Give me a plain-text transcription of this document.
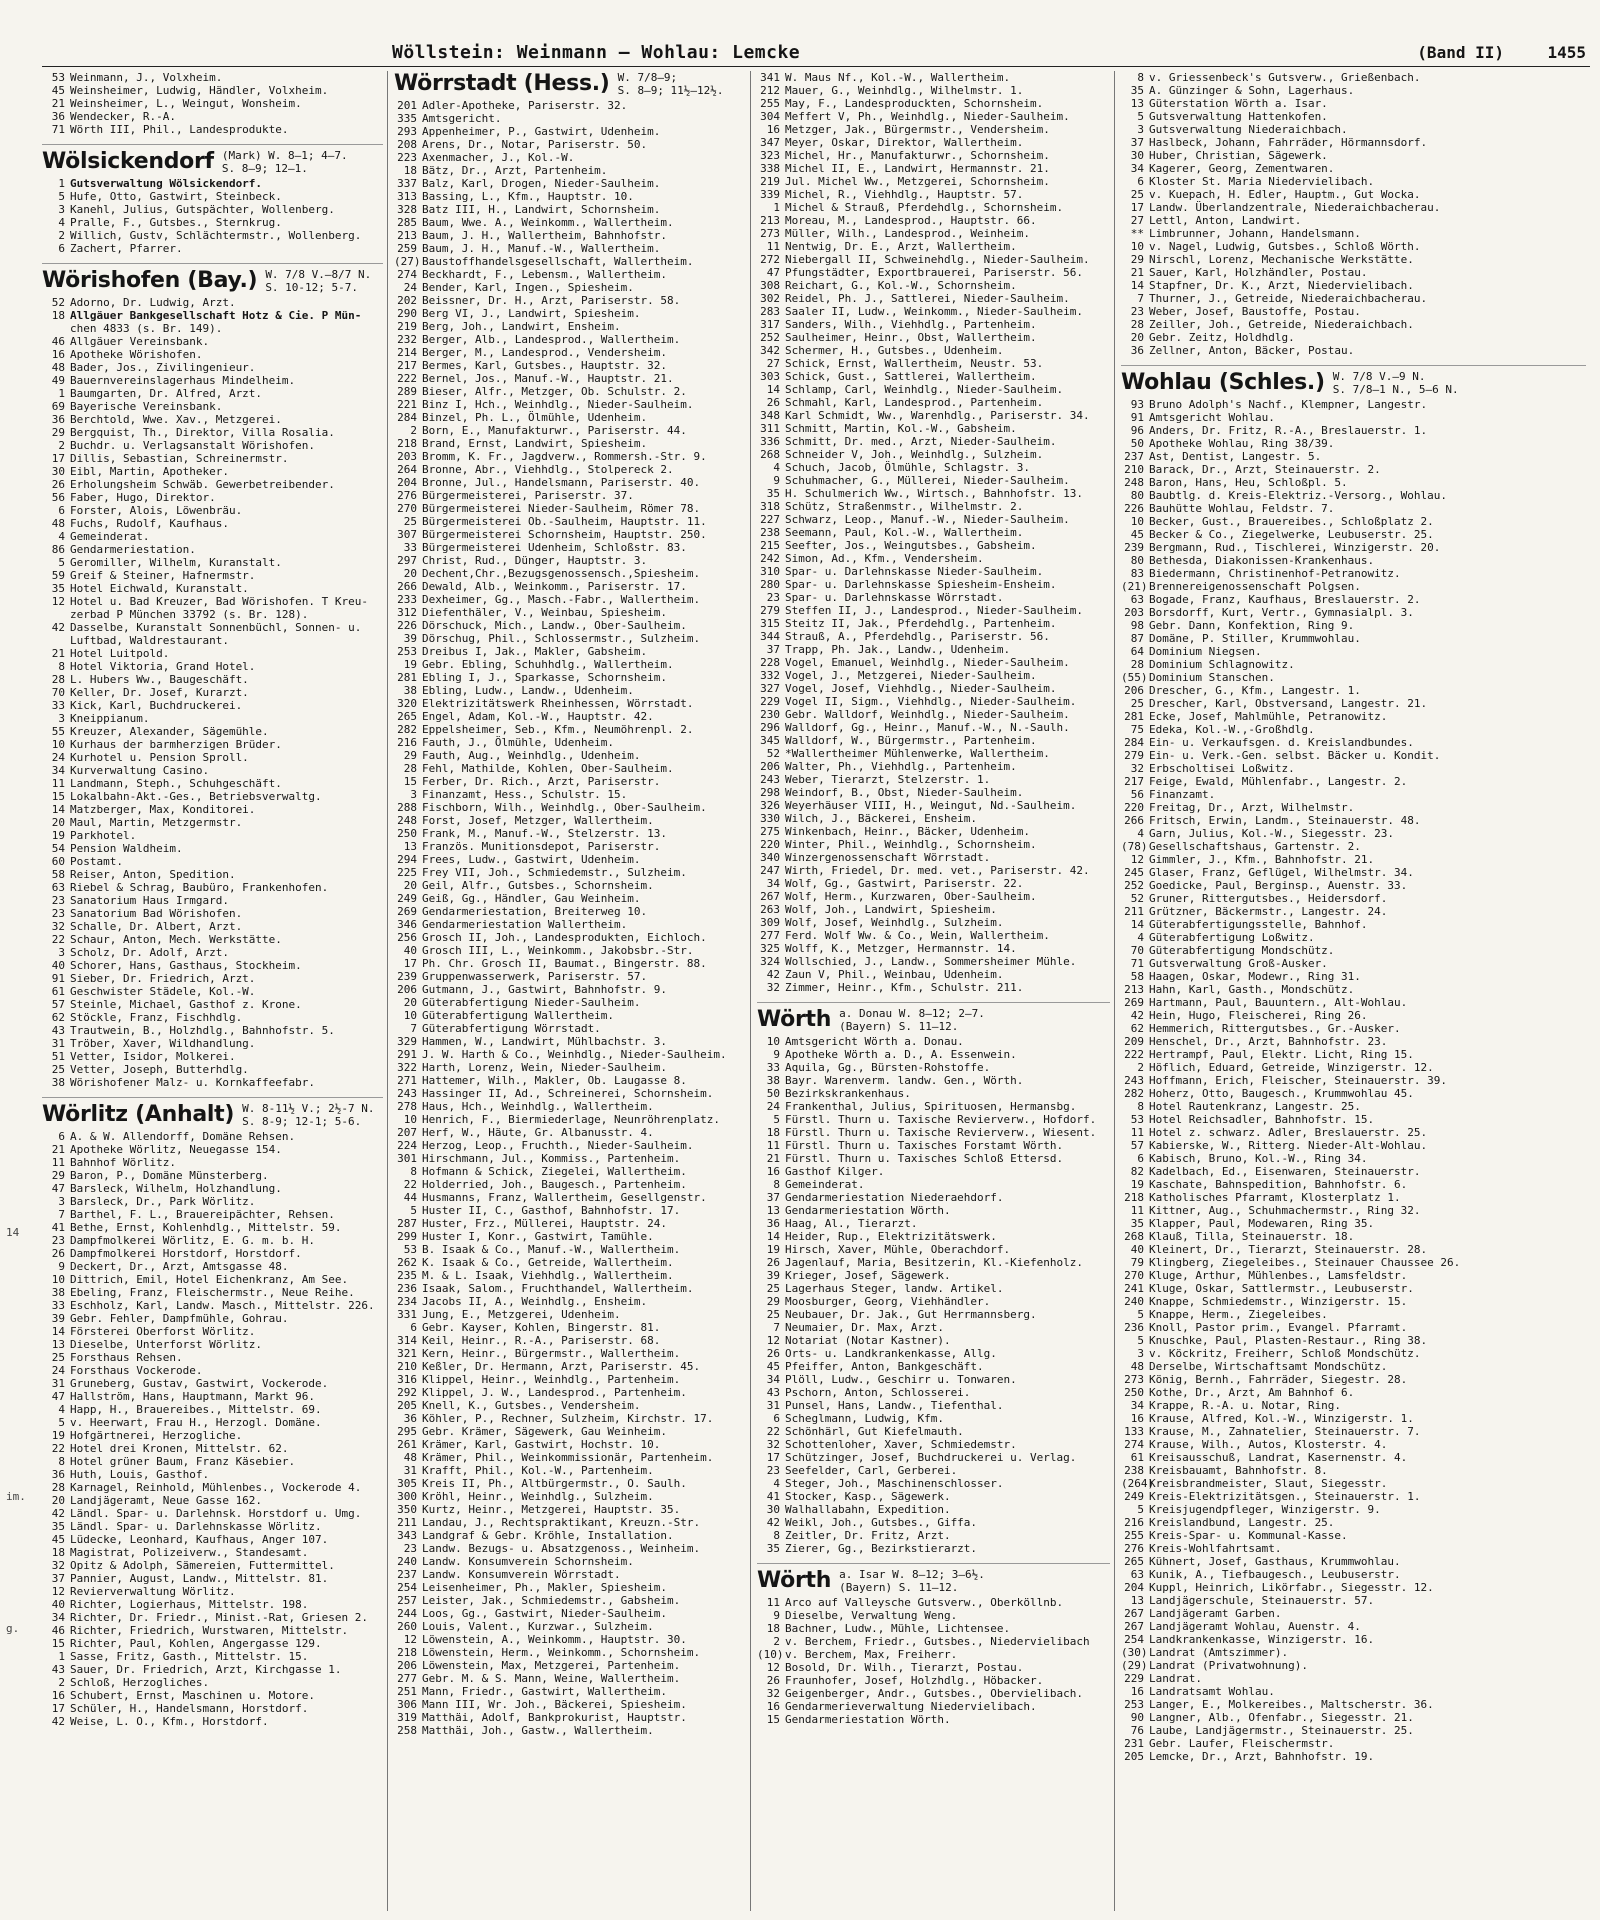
14
im.
g.
Wöllstein: Weinmann — Wohlau: Lemcke	(Band II)	1455
53 Weinmann, J., Volxheim.
45 Weinsheimer, Ludwig, Händler, Volxheim.
21 Weinsheimer, L., Weingut, Wonsheim.
36 Wendecker, R.-A.
71 Wörth III, Phil., Landesprodukte.
Wölsickendorf (Mark) W. 8—1; 4—7.
S. 8—9; 12—1.
1 Gutsverwaltung Wölsickendorf.
5 Hufe, Otto, Gastwirt, Steinbeck.
3 Kanehl, Julius, Gutspächter, Wollenberg.
4 Pralle, F., Gutsbes., Sternkrug.
2 Willich, Gustv, Schlächtermstr., Wollenberg.
6 Zachert, Pfarrer.
Wörishofen (Bay.) W. 7/8 V.—8/7 N.
S. 10-12; 5-7.
52 Adorno, Dr. Ludwig, Arzt.
18 Allgäuer Bankgesellschaft Hotz & Cie. P Mün-
chen 4833 (s. Br. 149).
46 Allgäuer Vereinsbank.
16 Apotheke Wörishofen.
48 Bader, Jos., Zivilingenieur.
49 Bauernvereinslagerhaus Mindelheim.
1 Baumgarten, Dr. Alfred, Arzt.
69 Bayerische Vereinsbank.
36 Berchtold, Wwe. Xav., Metzgerei.
29 Bergquist, Th., Direktor, Villa Rosalia.
2 Buchdr. u. Verlagsanstalt Wörishofen.
17 Dillis, Sebastian, Schreinermstr.
30 Eibl, Martin, Apotheker.
26 Erholungsheim Schwäb. Gewerbetreibender.
56 Faber, Hugo, Direktor.
6 Forster, Alois, Löwenbräu.
48 Fuchs, Rudolf, Kaufhaus.
4 Gemeinderat.
86 Gendarmeriestation.
5 Geromiller, Wilhelm, Kuranstalt.
59 Greif & Steiner, Hafnermstr.
35 Hotel Eichwald, Kuranstalt.
12 Hotel u. Bad Kreuzer, Bad Wörishofen. T Kreu-
zerbad P München 33792 (s. Br. 128).
42 Dasselbe, Kuranstalt Sonnenbüchl, Sonnen- u.
Luftbad, Waldrestaurant.
21 Hotel Luitpold.
8 Hotel Viktoria, Grand Hotel.
28 L. Hubers Ww., Baugeschäft.
70 Keller, Dr. Josef, Kurarzt.
33 Kick, Karl, Buchdruckerei.
3 Kneippianum.
55 Kreuzer, Alexander, Sägemühle.
10 Kurhaus der barmherzigen Brüder.
24 Kurhotel u. Pension Sproll.
34 Kurverwaltung Casino.
11 Landmann, Steph., Schuhgeschäft.
15 Lokalbahn-Akt.-Ges., Betriebsverwaltg.
14 Matzberger, Max, Konditorei.
20 Maul, Martin, Metzgermstr.
19 Parkhotel.
54 Pension Waldheim.
60 Postamt.
58 Reiser, Anton, Spedition.
63 Riebel & Schrag, Baubüro, Frankenhofen.
23 Sanatorium Haus Irmgard.
23 Sanatorium Bad Wörishofen.
32 Schalle, Dr. Albert, Arzt.
22 Schaur, Anton, Mech. Werkstätte.
3 Scholz, Dr. Adolf, Arzt.
40 Schorer, Hans, Gasthaus, Stockheim.
91 Sieber, Dr. Friedrich, Arzt.
61 Geschwister Städele, Kol.-W.
57 Steinle, Michael, Gasthof z. Krone.
62 Stöckle, Franz, Fischhdlg.
43 Trautwein, B., Holzhdlg., Bahnhofstr. 5.
31 Tröber, Xaver, Wildhandlung.
51 Vetter, Isidor, Molkerei.
25 Vetter, Joseph, Butterhdlg.
38 Wörishofener Malz- u. Kornkaffeefabr.
Wörlitz (Anhalt) W. 8-11½ V.; 2½-7 N.
S. 8-9; 12-1; 5-6.
6 A. & W. Allendorff, Domäne Rehsen.
21 Apotheke Wörlitz, Neuegasse 154.
11 Bahnhof Wörlitz.
29 Baron, P., Domäne Münsterberg.
47 Barsleck, Wilhelm, Holzhandlung.
3 Barsleck, Dr., Park Wörlitz.
7 Barthel, F. L., Brauereipächter, Rehsen.
41 Bethe, Ernst, Kohlenhdlg., Mittelstr. 59.
23 Dampfmolkerei Wörlitz, E. G. m. b. H.
26 Dampfmolkerei Horstdorf, Horstdorf.
9 Deckert, Dr., Arzt, Amtsgasse 48.
10 Dittrich, Emil, Hotel Eichenkranz, Am See.
38 Ebeling, Franz, Fleischermstr., Neue Reihe.
33 Eschholz, Karl, Landw. Masch., Mittelstr. 226.
39 Gebr. Fehler, Dampfmühle, Gohrau.
14 Försterei Oberforst Wörlitz.
13 Dieselbe, Unterforst Wörlitz.
25 Forsthaus Rehsen.
24 Forsthaus Vockerode.
31 Gruneberg, Gustav, Gastwirt, Vockerode.
47 Hallström, Hans, Hauptmann, Markt 96.
4 Happ, H., Brauereibes., Mittelstr. 69.
5 v. Heerwart, Frau H., Herzogl. Domäne.
19 Hofgärtnerei, Herzogliche.
22 Hotel drei Kronen, Mittelstr. 62.
8 Hotel grüner Baum, Franz Käsebier.
36 Huth, Louis, Gasthof.
28 Karnagel, Reinhold, Mühlenbes., Vockerode 4.
20 Landjägeramt, Neue Gasse 162.
42 Ländl. Spar- u. Darlehnsk. Horstdorf u. Umg.
35 Ländl. Spar- u. Darlehnskasse Wörlitz.
45 Lüdecke, Leonhard, Kaufhaus, Anger 107.
18 Magistrat, Polizeiverw., Standesamt.
32 Opitz & Adolph, Sämereien, Futtermittel.
37 Pannier, August, Landw., Mittelstr. 81.
12 Revierverwaltung Wörlitz.
40 Richter, Logierhaus, Mittelstr. 198.
34 Richter, Dr. Friedr., Minist.-Rat, Griesen 2.
46 Richter, Friedrich, Wurstwaren, Mittelstr.
15 Richter, Paul, Kohlen, Angergasse 129.
1 Sasse, Fritz, Gasth., Mittelstr. 15.
43 Sauer, Dr. Friedrich, Arzt, Kirchgasse 1.
2 Schloß, Herzogliches.
16 Schubert, Ernst, Maschinen u. Motore.
17 Schüler, H., Handelsmann, Horstdorf.
42 Weise, L. O., Kfm., Horstdorf.
Wörrstadt (Hess.) W. 7/8—9;
S. 8—9; 11½—12½.
201 Adler-Apotheke, Pariserstr. 32.
335 Amtsgericht.
293 Appenheimer, P., Gastwirt, Udenheim.
208 Arens, Dr., Notar, Pariserstr. 50.
223 Axenmacher, J., Kol.-W.
18 Bätz, Dr., Arzt, Partenheim.
337 Balz, Karl, Drogen, Nieder-Saulheim.
313 Bassing, L., Kfm., Hauptstr. 10.
328 Batz III, H., Landwirt, Schornsheim.
285 Baum, Wwe. A., Weinkomm., Wallertheim.
213 Baum, J. H., Wallertheim, Bahnhofstr.
259 Baum, J. H., Manuf.-W., Wallertheim.
(27) Baustoffhandelsgesellschaft, Wallertheim.
274 Beckhardt, F., Lebensm., Wallertheim.
24 Bender, Karl, Ingen., Spiesheim.
202 Beissner, Dr. H., Arzt, Pariserstr. 58.
290 Berg VI, J., Landwirt, Spiesheim.
219 Berg, Joh., Landwirt, Ensheim.
232 Berger, Alb., Landesprod., Wallertheim.
214 Berger, M., Landesprod., Vendersheim.
217 Bermes, Karl, Gutsbes., Hauptstr. 32.
222 Bernel, Jos., Manuf.-W., Hauptstr. 21.
289 Bieser, Alfr., Metzger, Ob. Schulstr. 2.
221 Binz I, Hch., Weinhdlg., Nieder-Saulheim.
284 Binzel, Ph. L., Ölmühle, Udenheim.
2 Born, E., Manufakturwr., Pariserstr. 44.
218 Brand, Ernst, Landwirt, Spiesheim.
203 Bromm, K. Fr., Jagdverw., Rommersh.-Str. 9.
264 Bronne, Abr., Viehhdlg., Stolpereck 2.
204 Bronne, Jul., Handelsmann, Pariserstr. 40.
276 Bürgermeisterei, Pariserstr. 37.
270 Bürgermeisterei Nieder-Saulheim, Römer 78.
25 Bürgermeisterei Ob.-Saulheim, Hauptstr. 11.
307 Bürgermeisterei Schornsheim, Hauptstr. 250.
33 Bürgermeisterei Udenheim, Schloßstr. 83.
297 Christ, Rud., Dünger, Hauptstr. 3.
20 Dechent,Chr.,Bezugsgenossensch.,Spiesheim.
266 Dewald, Alb., Weinkomm., Pariserstr. 17.
233 Dexheimer, Gg., Masch.-Fabr., Wallertheim.
312 Diefenthäler, V., Weinbau, Spiesheim.
226 Dörschuck, Mich., Landw., Ober-Saulheim.
39 Dörschug, Phil., Schlossermstr., Sulzheim.
253 Dreibus I, Jak., Makler, Gabsheim.
19 Gebr. Ebling, Schuhhdlg., Wallertheim.
281 Ebling I, J., Sparkasse, Schornsheim.
38 Ebling, Ludw., Landw., Udenheim.
320 Elektrizitätswerk Rheinhessen, Wörrstadt.
265 Engel, Adam, Kol.-W., Hauptstr. 42.
282 Eppelsheimer, Seb., Kfm., Neumöhrenpl. 2.
216 Fauth, J., Ölmühle, Udenheim.
29 Fauth, Aug., Weinhdlg., Udenheim.
28 Fehl, Mathilde, Kohlen, Ober-Saulheim.
15 Ferber, Dr. Rich., Arzt, Pariserstr.
3 Finanzamt, Hess., Schulstr. 15.
288 Fischborn, Wilh., Weinhdlg., Ober-Saulheim.
248 Forst, Josef, Metzger, Wallertheim.
250 Frank, M., Manuf.-W., Stelzerstr. 13.
13 Französ. Munitionsdepot, Pariserstr.
294 Frees, Ludw., Gastwirt, Udenheim.
225 Frey VII, Joh., Schmiedemstr., Sulzheim.
20 Geil, Alfr., Gutsbes., Schornsheim.
249 Geiß, Gg., Händler, Gau Weinheim.
269 Gendarmeriestation, Breiterweg 10.
346 Gendarmeriestation Wallertheim.
256 Grosch II, Joh., Landesprodukten, Eichloch.
40 Grosch III, L., Weinkomm., Jakobsbr.-Str.
17 Ph. Chr. Grosch II, Baumat., Bingerstr. 88.
239 Gruppenwasserwerk, Pariserstr. 57.
206 Gutmann, J., Gastwirt, Bahnhofstr. 9.
20 Güterabfertigung Nieder-Saulheim.
10 Güterabfertigung Wallertheim.
7 Güterabfertigung Wörrstadt.
329 Hammen, W., Landwirt, Mühlbachstr. 3.
291 J. W. Harth & Co., Weinhdlg., Nieder-Saulheim.
322 Harth, Lorenz, Wein, Nieder-Saulheim.
271 Hattemer, Wilh., Makler, Ob. Laugasse 8.
243 Hassinger II, Ad., Schreinerei, Schornsheim.
278 Haus, Hch., Weinhdlg., Wallertheim.
10 Henrich, F., Biermiederlage, Neunröhrenplatz.
207 Herf, W., Häute, Gr. Albanusstr. 4.
224 Herzog, Leop., Fruchth., Nieder-Saulheim.
301 Hirschmann, Jul., Kommiss., Partenheim.
8 Hofmann & Schick, Ziegelei, Wallertheim.
22 Holderried, Joh., Baugesch., Partenheim.
44 Husmanns, Franz, Wallertheim, Gesellgenstr.
5 Huster II, C., Gasthof, Bahnhofstr. 17.
287 Huster, Frz., Müllerei, Hauptstr. 24.
299 Huster I, Konr., Gastwirt, Tamühle.
53 B. Isaak & Co., Manuf.-W., Wallertheim.
262 K. Isaak & Co., Getreide, Wallertheim.
235 M. & L. Isaak, Viehhdlg., Wallertheim.
236 Isaak, Salom., Fruchthandel, Wallertheim.
234 Jacobs II, A., Weinhdlg., Ensheim.
331 Jung, E., Metzgerei, Udenheim.
6 Gebr. Kayser, Kohlen, Bingerstr. 81.
314 Keil, Heinr., R.-A., Pariserstr. 68.
321 Kern, Heinr., Bürgermstr., Wallertheim.
210 Keßler, Dr. Hermann, Arzt, Pariserstr. 45.
316 Klippel, Heinr., Weinhdlg., Partenheim.
292 Klippel, J. W., Landesprod., Partenheim.
205 Knell, K., Gutsbes., Vendersheim.
36 Köhler, P., Rechner, Sulzheim, Kirchstr. 17.
295 Gebr. Krämer, Sägewerk, Gau Weinheim.
261 Krämer, Karl, Gastwirt, Hochstr. 10.
48 Krämer, Phil., Weinkommissionär, Partenheim.
31 Krafft, Phil., Kol.-W., Partenheim.
305 Kreis II, Ph., Altbürgermstr., O. Saulh.
300 Kröhl, Heinr., Weinhdlg., Sulzheim.
350 Kurtz, Heinr., Metzgerei, Hauptstr. 35.
211 Landau, J., Rechtspraktikant, Kreuzn.-Str.
343 Landgraf & Gebr. Kröhle, Installation.
23 Landw. Bezugs- u. Absatzgenoss., Weinheim.
240 Landw. Konsumverein Schornsheim.
237 Landw. Konsumverein Wörrstadt.
254 Leisenheimer, Ph., Makler, Spiesheim.
257 Leister, Jak., Schmiedemstr., Gabsheim.
244 Loos, Gg., Gastwirt, Nieder-Saulheim.
260 Louis, Valent., Kurzwar., Sulzheim.
12 Löwenstein, A., Weinkomm., Hauptstr. 30.
218 Löwenstein, Herm., Weinkomm., Schornsheim.
206 Löwenstein, Max, Metzgerei, Partenheim.
277 Gebr. M. & S. Mann, Weine, Wallertheim.
251 Mann, Friedr., Gastwirt, Wallertheim.
306 Mann III, Wr. Joh., Bäckerei, Spiesheim.
319 Matthäi, Adolf, Bankprokurist, Hauptstr.
258 Matthäi, Joh., Gastw., Wallertheim.
341 W. Maus Nf., Kol.-W., Wallertheim.
212 Mauer, G., Weinhdlg., Wilhelmstr. 1.
255 May, F., Landesproduckten, Schornsheim.
304 Meffert V, Ph., Weinhdlg., Nieder-Saulheim.
16 Metzger, Jak., Bürgermstr., Vendersheim.
347 Meyer, Oskar, Direktor, Wallertheim.
323 Michel, Hr., Manufakturwr., Schornsheim.
338 Michel II, E., Landwirt, Hermannstr. 21.
219 Jul. Michel Ww., Metzgerei, Schornsheim.
339 Michel, R., Viehhdlg., Hauptstr. 57.
1 Michel & Strauß, Pferdehdlg., Schornsheim.
213 Moreau, M., Landesprod., Hauptstr. 66.
273 Müller, Wilh., Landesprod., Weinheim.
11 Nentwig, Dr. E., Arzt, Wallertheim.
272 Niebergall II, Schweinehdlg., Nieder-Saulheim.
47 Pfungstädter, Exportbrauerei, Pariserstr. 56.
308 Reichart, G., Kol.-W., Schornsheim.
302 Reidel, Ph. J., Sattlerei, Nieder-Saulheim.
283 Saaler II, Ludw., Weinkomm., Nieder-Saulheim.
317 Sanders, Wilh., Viehhdlg., Partenheim.
252 Saulheimer, Heinr., Obst, Wallertheim.
342 Schermer, H., Gutsbes., Udenheim.
27 Schick, Ernst, Wallertheim, Neustr. 53.
303 Schick, Gust., Sattlerei, Wallertheim.
14 Schlamp, Carl, Weinhdlg., Nieder-Saulheim.
26 Schmahl, Karl, Landesprod., Partenheim.
348 Karl Schmidt, Ww., Warenhdlg., Pariserstr. 34.
311 Schmitt, Martin, Kol.-W., Gabsheim.
336 Schmitt, Dr. med., Arzt, Nieder-Saulheim.
268 Schneider V, Joh., Weinhdlg., Sulzheim.
4 Schuch, Jacob, Ölmühle, Schlagstr. 3.
9 Schuhmacher, G., Müllerei, Nieder-Saulheim.
35 H. Schulmerich Ww., Wirtsch., Bahnhofstr. 13.
318 Schütz, Straßenmstr., Wilhelmstr. 2.
227 Schwarz, Leop., Manuf.-W., Nieder-Saulheim.
238 Seemann, Paul, Kol.-W., Wallertheim.
215 Seefter, Jos., Weingutsbes., Gabsheim.
242 Simon, Ad., Kfm., Vendersheim.
310 Spar- u. Darlehnskasse Nieder-Saulheim.
280 Spar- u. Darlehnskasse Spiesheim-Ensheim.
23 Spar- u. Darlehnskasse Wörrstadt.
279 Steffen II, J., Landesprod., Nieder-Saulheim.
315 Steitz II, Jak., Pferdehdlg., Partenheim.
344 Strauß, A., Pferdehdlg., Pariserstr. 56.
37 Trapp, Ph. Jak., Landw., Udenheim.
228 Vogel, Emanuel, Weinhdlg., Nieder-Saulheim.
332 Vogel, J., Metzgerei, Nieder-Saulheim.
327 Vogel, Josef, Viehhdlg., Nieder-Saulheim.
229 Vogel II, Sigm., Viehhdlg., Nieder-Saulheim.
230 Gebr. Walldorf, Weinhdlg., Nieder-Saulheim.
296 Walldorf, Gg., Heinr., Manuf.-W., N.-Saulh.
345 Walldorf, W., Bürgermstr., Partenheim.
52 *Wallertheimer Mühlenwerke, Wallertheim.
206 Walter, Ph., Viehhdlg., Partenheim.
243 Weber, Tierarzt, Stelzerstr. 1.
298 Weindorf, B., Obst, Nieder-Saulheim.
326 Weyerhäuser VIII, H., Weingut, Nd.-Saulheim.
330 Wilch, J., Bäckerei, Ensheim.
275 Winkenbach, Heinr., Bäcker, Udenheim.
220 Winter, Phil., Weinhdlg., Schornsheim.
340 Winzergenossenschaft Wörrstadt.
247 Wirth, Friedel, Dr. med. vet., Pariserstr. 42.
34 Wolf, Gg., Gastwirt, Pariserstr. 22.
267 Wolf, Herm., Kurzwaren, Ober-Saulheim.
263 Wolf, Joh., Landwirt, Spiesheim.
309 Wolf, Josef, Weinhdlg., Sulzheim.
277 Ferd. Wolf Ww. & Co., Wein, Wallertheim.
325 Wolff, K., Metzger, Hermannstr. 14.
324 Wollschied, J., Landw., Sommersheimer Mühle.
42 Zaun V, Phil., Weinbau, Udenheim.
32 Zimmer, Heinr., Kfm., Schulstr. 211.
Wörth a. Donau W. 8—12; 2—7.
(Bayern) S. 11—12.
10 Amtsgericht Wörth a. Donau.
9 Apotheke Wörth a. D., A. Essenwein.
33 Aquila, Gg., Bürsten-Rohstoffe.
38 Bayr. Warenverm. landw. Gen., Wörth.
50 Bezirkskrankenhaus.
24 Frankenthal, Julius, Spirituosen, Hermansbg.
5 Fürstl. Thurn u. Taxische Revierverw., Hofdorf.
18 Fürstl. Thurn u. Taxische Revierverw., Wiesent.
11 Fürstl. Thurn u. Taxisches Forstamt Wörth.
21 Fürstl. Thurn u. Taxisches Schloß Ettersd.
16 Gasthof Kilger.
8 Gemeinderat.
37 Gendarmeriestation Niederaehdorf.
13 Gendarmeriestation Wörth.
36 Haag, Al., Tierarzt.
14 Heider, Rup., Elektrizitätswerk.
19 Hirsch, Xaver, Mühle, Oberachdorf.
26 Jagenlauf, Maria, Besitzerin, Kl.-Kiefenholz.
39 Krieger, Josef, Sägewerk.
25 Lagerhaus Steger, landw. Artikel.
29 Moosburger, Georg, Viehhändler.
25 Neubauer, Dr. Jak., Gut Herrmannsberg.
7 Neumaier, Dr. Max, Arzt.
12 Notariat (Notar Kastner).
26 Orts- u. Landkrankenkasse, Allg.
45 Pfeiffer, Anton, Bankgeschäft.
34 Plöll, Ludw., Geschirr u. Tonwaren.
43 Pschorn, Anton, Schlosserei.
31 Punsel, Hans, Landw., Tiefenthal.
6 Scheglmann, Ludwig, Kfm.
22 Schönhärl, Gut Kiefelmauth.
32 Schottenloher, Xaver, Schmiedemstr.
17 Schützinger, Josef, Buchdruckerei u. Verlag.
23 Seefelder, Carl, Gerberei.
4 Steger, Joh., Maschinenschlosser.
41 Stocker, Kasp., Sägewerk.
30 Walhallabahn, Expedition.
42 Weikl, Joh., Gutsbes., Giffa.
8 Zeitler, Dr. Fritz, Arzt.
35 Zierer, Gg., Bezirkstierarzt.
Wörth a. Isar W. 8—12; 3—6½.
(Bayern) S. 11—12.
11 Arco auf Valleysche Gutsverw., Oberköllnb.
9 Dieselbe, Verwaltung Weng.
18 Bachner, Ludw., Mühle, Lichtensee.
2 v. Berchem, Friedr., Gutsbes., Niedervielibach
(10) v. Berchem, Max, Freiherr.
12 Bosold, Dr. Wilh., Tierarzt, Postau.
26 Fraunhofer, Josef, Holzhdlg., Höbacker.
32 Geigenberger, Andr., Gutsbes., Obervielibach.
16 Gendarmerieverwaltung Niedervielibach.
15 Gendarmeriestation Wörth.
8 v. Griessenbeck's Gutsverw., Grießenbach.
35 A. Günzinger & Sohn, Lagerhaus.
13 Güterstation Wörth a. Isar.
5 Gutsverwaltung Hattenkofen.
3 Gutsverwaltung Niederaichbach.
37 Haslbeck, Johann, Fahrräder, Hörmannsdorf.
30 Huber, Christian, Sägewerk.
34 Kagerer, Georg, Zementwaren.
6 Kloster St. Maria Niedervielibach.
25 v. Kuepach, H. Edler, Hauptm., Gut Wocka.
17 Landw. Überlandzentrale, Niederaichbacherau.
27 Lettl, Anton, Landwirt.
** Limbrunner, Johann, Handelsmann.
10 v. Nagel, Ludwig, Gutsbes., Schloß Wörth.
29 Nirschl, Lorenz, Mechanische Werkstätte.
21 Sauer, Karl, Holzhändler, Postau.
14 Stapfner, Dr. K., Arzt, Niedervielibach.
7 Thurner, J., Getreide, Niederaichbacherau.
23 Weber, Josef, Baustoffe, Postau.
28 Zeiller, Joh., Getreide, Niederaichbach.
20 Gebr. Zeitz, Holdhdlg.
36 Zellner, Anton, Bäcker, Postau.
Wohlau (Schles.) W. 7/8 V.—9 N.
S. 7/8—1 N., 5—6 N.
93 Bruno Adolph's Nachf., Klempner, Langestr.
91 Amtsgericht Wohlau.
96 Anders, Dr. Fritz, R.-A., Breslauerstr. 1.
50 Apotheke Wohlau, Ring 38/39.
237 Ast, Dentist, Langestr. 5.
210 Barack, Dr., Arzt, Steinauerstr. 2.
248 Baron, Hans, Heu, Schloßpl. 5.
80 Baubtlg. d. Kreis-Elektriz.-Versorg., Wohlau.
226 Bauhütte Wohlau, Feldstr. 7.
10 Becker, Gust., Brauereibes., Schloßplatz 2.
45 Becker & Co., Ziegelwerke, Leubuserstr. 25.
239 Bergmann, Rud., Tischlerei, Winzigerstr. 20.
80 Bethesda, Diakonissen-Krankenhaus.
83 Biedermann, Christinenhof-Petranowitz.
(21) Brennereigenossenschaft Polgsen.
63 Bogade, Franz, Kaufhaus, Breslauerstr. 2.
203 Borsdorff, Kurt, Vertr., Gymnasialpl. 3.
98 Gebr. Dann, Konfektion, Ring 9.
87 Domäne, P. Stiller, Krummwohlau.
64 Dominium Niegsen.
28 Dominium Schlagnowitz.
(55) Dominium Stanschen.
206 Drescher, G., Kfm., Langestr. 1.
25 Drescher, Karl, Obstversand, Langestr. 21.
281 Ecke, Josef, Mahlmühle, Petranowitz.
75 Edeka, Kol.-W.,-Großhdlg.
284 Ein- u. Verkaufsgen. d. Kreislandbundes.
279 Ein- u. Verk.-Gen. selbst. Bäcker u. Kondit.
32 Erbscholtisei Loßwitz.
217 Feige, Ewald, Mühlenfabr., Langestr. 2.
56 Finanzamt.
220 Freitag, Dr., Arzt, Wilhelmstr.
266 Fritsch, Erwin, Landm., Steinauerstr. 48.
4 Garn, Julius, Kol.-W., Siegesstr. 23.
(78) Gesellschaftshaus, Gartenstr. 2.
12 Gimmler, J., Kfm., Bahnhofstr. 21.
245 Glaser, Franz, Geflügel, Wilhelmstr. 34.
252 Goedicke, Paul, Berginsp., Auenstr. 33.
52 Gruner, Rittergutsbes., Heidersdorf.
211 Grützner, Bäckermstr., Langestr. 24.
14 Güterabfertigungsstelle, Bahnhof.
4 Güterabfertigung Loßwitz.
70 Güterabfertigung Mondschütz.
71 Gutsverwaltung Groß-Ausker.
58 Haagen, Oskar, Modewr., Ring 31.
213 Hahn, Karl, Gasth., Mondschütz.
269 Hartmann, Paul, Bauuntern., Alt-Wohlau.
42 Hein, Hugo, Fleischerei, Ring 26.
62 Hemmerich, Rittergutsbes., Gr.-Ausker.
209 Henschel, Dr., Arzt, Bahnhofstr. 23.
222 Hertrampf, Paul, Elektr. Licht, Ring 15.
2 Höflich, Eduard, Getreide, Winzigerstr. 12.
243 Hoffmann, Erich, Fleischer, Steinauerstr. 39.
282 Hoherz, Otto, Baugesch., Krummwohlau 45.
8 Hotel Rautenkranz, Langestr. 25.
53 Hotel Reichsadler, Bahnhofstr. 15.
11 Hotel z. schwarz. Adler, Breslauerstr. 25.
57 Kabierske, W., Ritterg. Nieder-Alt-Wohlau.
6 Kabisch, Bruno, Kol.-W., Ring 34.
82 Kadelbach, Ed., Eisenwaren, Steinauerstr.
19 Kaschate, Bahnspedition, Bahnhofstr. 6.
218 Katholisches Pfarramt, Klosterplatz 1.
11 Kittner, Aug., Schuhmachermstr., Ring 32.
35 Klapper, Paul, Modewaren, Ring 35.
268 Klauß, Tilla, Steinauerstr. 18.
40 Kleinert, Dr., Tierarzt, Steinauerstr. 28.
79 Klingberg, Ziegeleibes., Steinauer Chaussee 26.
270 Kluge, Arthur, Mühlenbes., Lamsfeldstr.
241 Kluge, Oskar, Sattlermstr., Leubuserstr.
240 Knappe, Schmiedemstr., Winzigerstr. 15.
5 Knappe, Herm., Ziegeleibes.
236 Knoll, Pastor prim., Evangel. Pfarramt.
5 Knuschke, Paul, Plasten-Restaur., Ring 38.
3 v. Köckritz, Freiherr, Schloß Mondschütz.
48 Derselbe, Wirtschaftsamt Mondschütz.
273 König, Bernh., Fahrräder, Siegestr. 28.
250 Kothe, Dr., Arzt, Am Bahnhof 6.
34 Krappe, R.-A. u. Notar, Ring.
16 Krause, Alfred, Kol.-W., Winzigerstr. 1.
133 Krause, M., Zahnatelier, Steinauerstr. 7.
274 Krause, Wilh., Autos, Klosterstr. 4.
61 Kreisausschuß, Landrat, Kasernenstr. 4.
238 Kreisbauamt, Bahnhofstr. 8.
(264)
Kreisbrandmeister, Slaut, Siegesstr.
249 Kreis-Elektrizitätsgen., Steinauerstr. 1.
5 Kreisjugendpfleger, Winzigerstr. 9.
216 Kreislandbund, Langestr. 25.
255 Kreis-Spar- u. Kommunal-Kasse.
276 Kreis-Wohlfahrtsamt.
265 Kühnert, Josef, Gasthaus, Krummwohlau.
63 Kunik, A., Tiefbaugesch., Leubuserstr.
204 Kuppl, Heinrich, Likörfabr., Siegesstr. 12.
13 Landjägerschule, Steinauerstr. 57.
267 Landjägeramt Garben.
267 Landjägeramt Wohlau, Auenstr. 4.
254 Landkrankenkasse, Winzigerstr. 16.
(30) Landrat (Amtszimmer).
(29) Landrat (Privatwohnung).
229 Landrat.
16 Landratsamt Wohlau.
253 Langer, E., Molkereibes., Maltscherstr. 36.
90 Langner, Alb., Ofenfabr., Siegesstr. 21.
76 Laube, Landjägermstr., Steinauerstr. 25.
231 Gebr. Laufer, Fleischermstr.
205 Lemcke, Dr., Arzt, Bahnhofstr. 19.
